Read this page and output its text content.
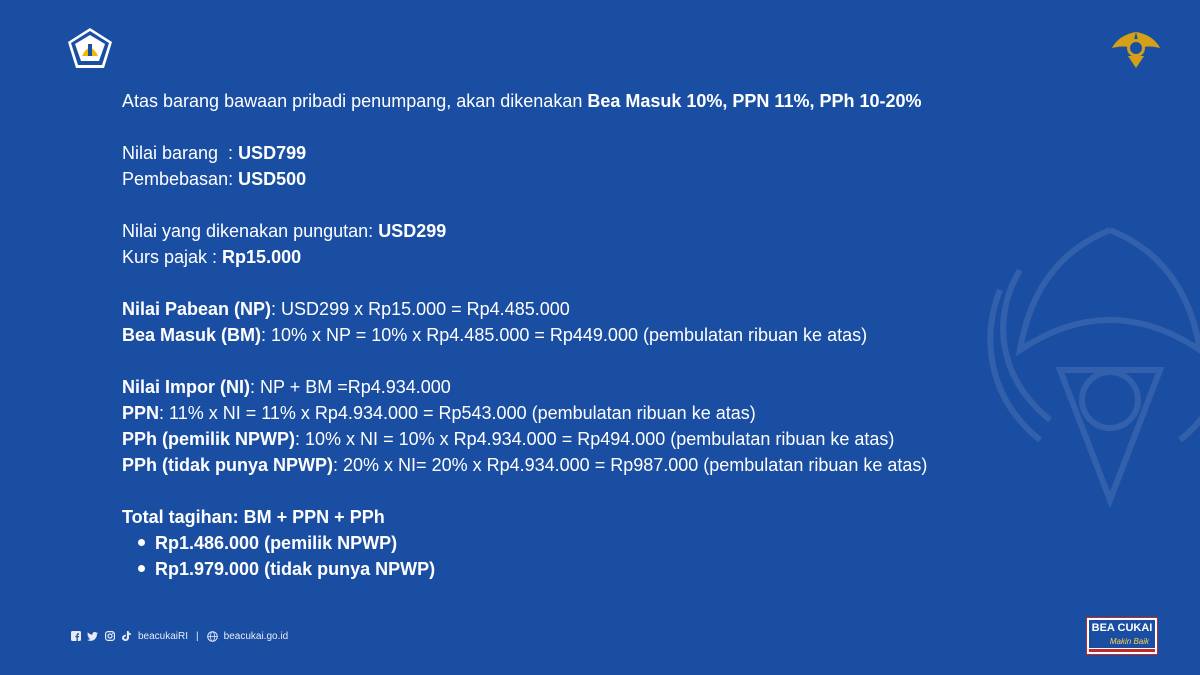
Atas barang bawaan pribadi penumpang, akan dikenakan Bea Masuk 10%, PPN 11%, PPh 10-20%
Nilai barang  : USD799
Pembebasan: USD500
Nilai yang dikenakan pungutan: USD299
Kurs pajak : Rp15.000
Nilai Pabean (NP): USD299 x Rp15.000 = Rp4.485.000
Bea Masuk (BM): 10% x NP = 10% x Rp4.485.000 = Rp449.000 (pembulatan ribuan ke atas)
Nilai Impor (NI): NP + BM =Rp4.934.000
PPN: 11% x NI = 11% x Rp4.934.000 = Rp543.000 (pembulatan ribuan ke atas)
PPh (pemilik NPWP): 10% x NI = 10% x Rp4.934.000 = Rp494.000 (pembulatan ribuan ke atas)
PPh (tidak punya NPWP): 20% x NI= 20% x Rp4.934.000 = Rp987.000 (pembulatan ribuan ke atas)
Total tagihan: BM + PPN + PPh
Rp1.486.000 (pemilik NPWP)
Rp1.979.000 (tidak punya NPWP)
beacukaiRI |	beacukai.go.id
BEA CUKAI
Makin Baik
